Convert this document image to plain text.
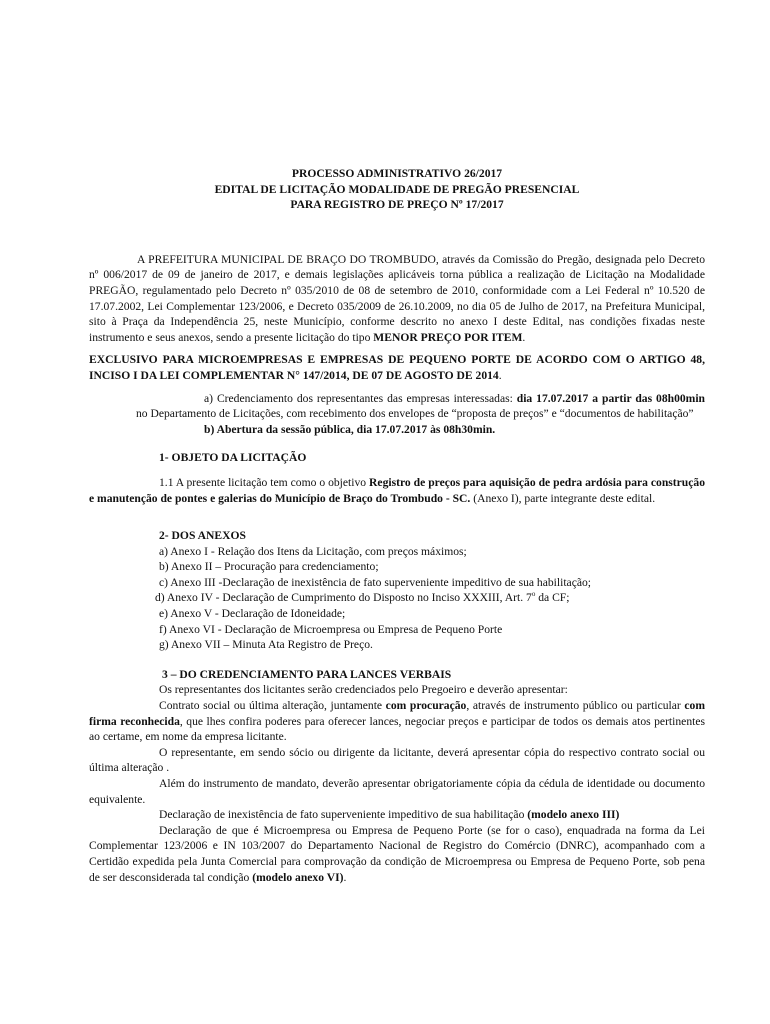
PROCESSO ADMINISTRATIVO 26/2017
EDITAL DE LICITAÇÃO MODALIDADE DE PREGÃO PRESENCIAL
PARA REGISTRO DE PREÇO Nº 17/2017

A PREFEITURA MUNICIPAL DE BRAÇO DO TROMBUDO, através da Comissão do Pregão, designada pelo Decreto nº 006/2017 de 09 de janeiro de 2017, e demais legislações aplicáveis torna pública a realização de Licitação na Modalidade PREGÃO, regulamentado pelo Decreto nº 035/2010 de 08 de setembro de 2010, conformidade com a Lei Federal nº 10.520 de 17.07.2002, Lei Complementar 123/2006, e Decreto 035/2009 de 26.10.2009, no dia 05 de Julho de 2017, na Prefeitura Municipal, sito à Praça da Independência 25, neste Município, conforme descrito no anexo I deste Edital, nas condições fixadas neste instrumento e seus anexos, sendo a presente licitação do tipo MENOR PREÇO POR ITEM.

EXCLUSIVO PARA MICROEMPRESAS E EMPRESAS DE PEQUENO PORTE DE ACORDO COM O ARTIGO 48, INCISO I DA LEI COMPLEMENTAR N° 147/2014, DE 07 DE AGOSTO DE 2014.

a) Credenciamento dos representantes das empresas interessadas: dia 17.07.2017 a partir das 08h00min no Departamento de Licitações, com recebimento dos envelopes de “proposta de preços” e “documentos de habilitação”

b) Abertura da sessão pública, dia 17.07.2017 às 08h30min.

1- OBJETO DA LICITAÇÃO

1.1 A presente licitação tem como o objetivo Registro de preços para aquisição de pedra ardósia para construção e manutenção de pontes e galerias do Município de Braço do Trombudo - SC. (Anexo I), parte integrante deste edital.

2- DOS ANEXOS

a) Anexo I - Relação dos Itens da Licitação, com preços máximos;

b) Anexo II – Procuração para credenciamento;

c) Anexo III -Declaração de inexistência de fato superveniente impeditivo de sua habilitação;

d) Anexo IV - Declaração de Cumprimento do Disposto no Inciso XXXIII, Art. 7$^o$ da CF;

e) Anexo V - Declaração de Idoneidade;

f) Anexo VI - Declaração de Microempresa ou Empresa de Pequeno Porte

g) Anexo VII – Minuta Ata Registro de Preço.

3 – DO CREDENCIAMENTO PARA LANCES VERBAIS

Os representantes dos licitantes serão credenciados pelo Pregoeiro e deverão apresentar:

Contrato social ou última alteração, juntamente com procuração, através de instrumento público ou particular com firma reconhecida, que lhes confira poderes para oferecer lances, negociar preços e participar de todos os demais atos pertinentes ao certame, em nome da empresa licitante.

O representante, em sendo sócio ou dirigente da licitante, deverá apresentar cópia do respectivo contrato social ou última alteração .

Além do instrumento de mandato, deverão apresentar obrigatoriamente cópia da cédula de identidade ou documento equivalente.

Declaração de inexistência de fato superveniente impeditivo de sua habilitação (modelo anexo III)

Declaração de que é Microempresa ou Empresa de Pequeno Porte (se for o caso), enquadrada na forma da Lei Complementar 123/2006 e IN 103/2007 do Departamento Nacional de Registro do Comércio (DNRC), acompanhado com a Certidão expedida pela Junta Comercial para comprovação da condição de Microempresa ou Empresa de Pequeno Porte, sob pena de ser desconsiderada tal condição (modelo anexo VI).
